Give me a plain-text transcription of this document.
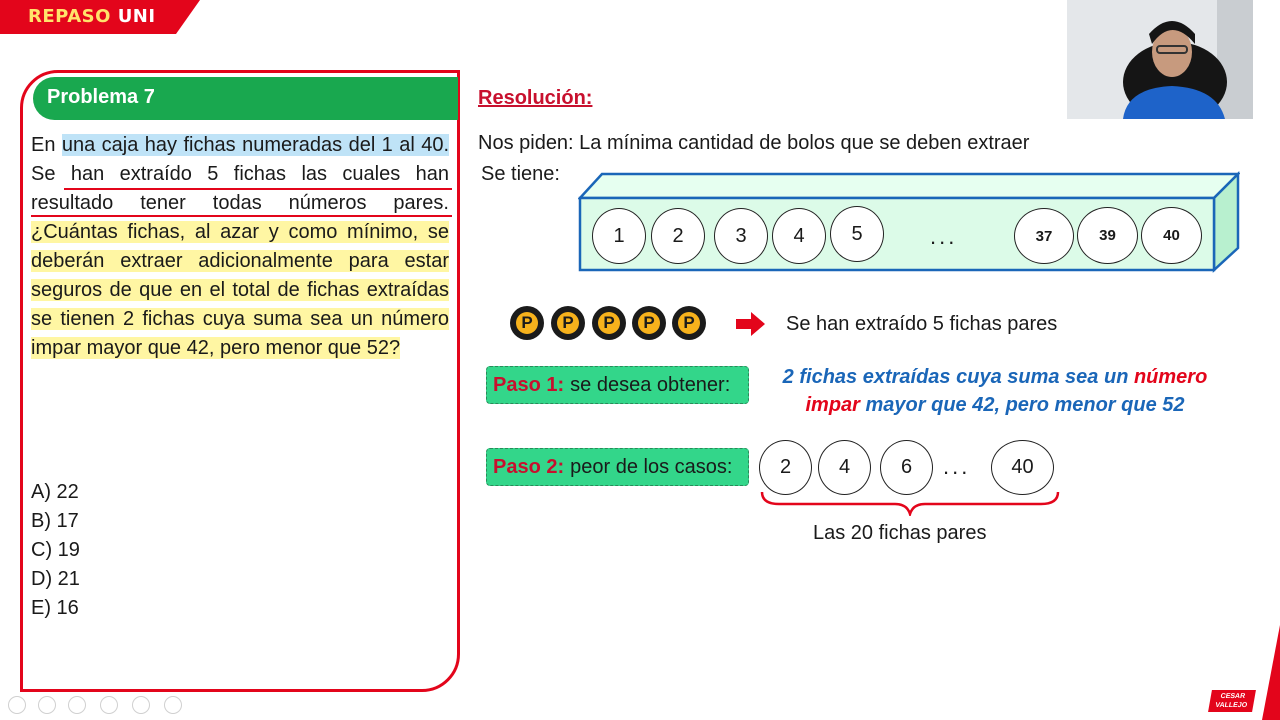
REPASO UNI
Problema 7
En una caja hay fichas numeradas del 1 al 40. Se han extraído 5 fichas las cuales han resultado tener todas números pares. ¿Cuántas fichas, al azar y como mínimo, se deberán extraer adicionalmente para estar seguros de que en el total de fichas extraídas se tienen 2 fichas cuya suma sea un número impar mayor que 42, pero menor que 52?
A) 22
B) 17
C) 19
D) 21
E) 16
Resolución:
Nos piden: La mínima cantidad de bolos que se deben extraer
Se tiene:
1	2	3	4	5	...	37	39	40
P	P	P	P	P	Se han extraído 5 fichas pares
Paso 1: se desea obtener:	2 fichas extraídas cuya suma sea un número
impar mayor que 42, pero menor que 52
Paso 2: peor de los casos:	2	4	6	...	40
Las 20 fichas pares
CESAR
VALLEJO
